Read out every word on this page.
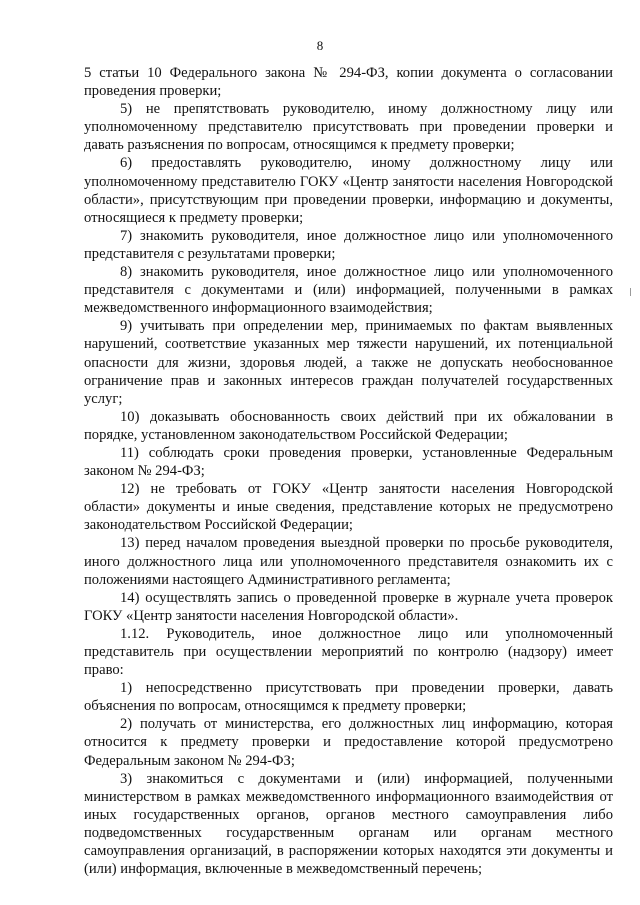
8

5 статьи 10 Федерального закона № 294-ФЗ, копии документа о согласовании проведения проверки;

5) не препятствовать руководителю, иному должностному лицу или уполномоченному представителю присутствовать при проведении проверки и давать разъяснения по вопросам, относящимся к предмету проверки;

6) предоставлять руководителю, иному должностному лицу или уполномоченному представителю ГОКУ «Центр занятости населения Новгородской области», присутствующим при проведении проверки, информацию и документы, относящиеся к предмету проверки;

7) знакомить руководителя, иное должностное лицо или уполномоченного представителя с результатами проверки;

8) знакомить руководителя, иное должностное лицо или уполномоченного представителя с документами и (или) информацией, полученными в рамках межведомственного информационного взаимодействия;

9) учитывать при определении мер, принимаемых по фактам выявленных нарушений, соответствие указанных мер тяжести нарушений, их потенциальной опасности для жизни, здоровья людей, а также не допускать необоснованное ограничение прав и законных интересов граждан получателей государственных услуг;

10) доказывать обоснованность своих действий при их обжаловании в порядке, установленном законодательством Российской Федерации;

11) соблюдать сроки проведения проверки, установленные Федеральным законом № 294-ФЗ;

12) не требовать от ГОКУ «Центр занятости населения Новгородской области» документы и иные сведения, представление которых не предусмотрено законодательством Российской Федерации;

13) перед началом проведения выездной проверки по просьбе руководителя, иного должностного лица или уполномоченного представителя ознакомить их с положениями настоящего Административного регламента;

14) осуществлять запись о проведенной проверке в журнале учета проверок ГОКУ «Центр занятости населения Новгородской области».

1.12. Руководитель, иное должностное лицо или уполномоченный представитель при осуществлении мероприятий по контролю (надзору) имеет право:

1) непосредственно присутствовать при проведении проверки, давать объяснения по вопросам, относящимся к предмету проверки;

2) получать от министерства, его должностных лиц информацию, которая относится к предмету проверки и предоставление которой предусмотрено Федеральным законом № 294-ФЗ;

3) знакомиться с документами и (или) информацией, полученными министерством в рамках межведомственного информационного взаимодействия от иных государственных органов, органов местного самоуправления либо подведомственных государственным органам или органам местного самоуправления организаций, в распоряжении которых находятся эти документы и (или) информация, включенные в межведомственный перечень;
